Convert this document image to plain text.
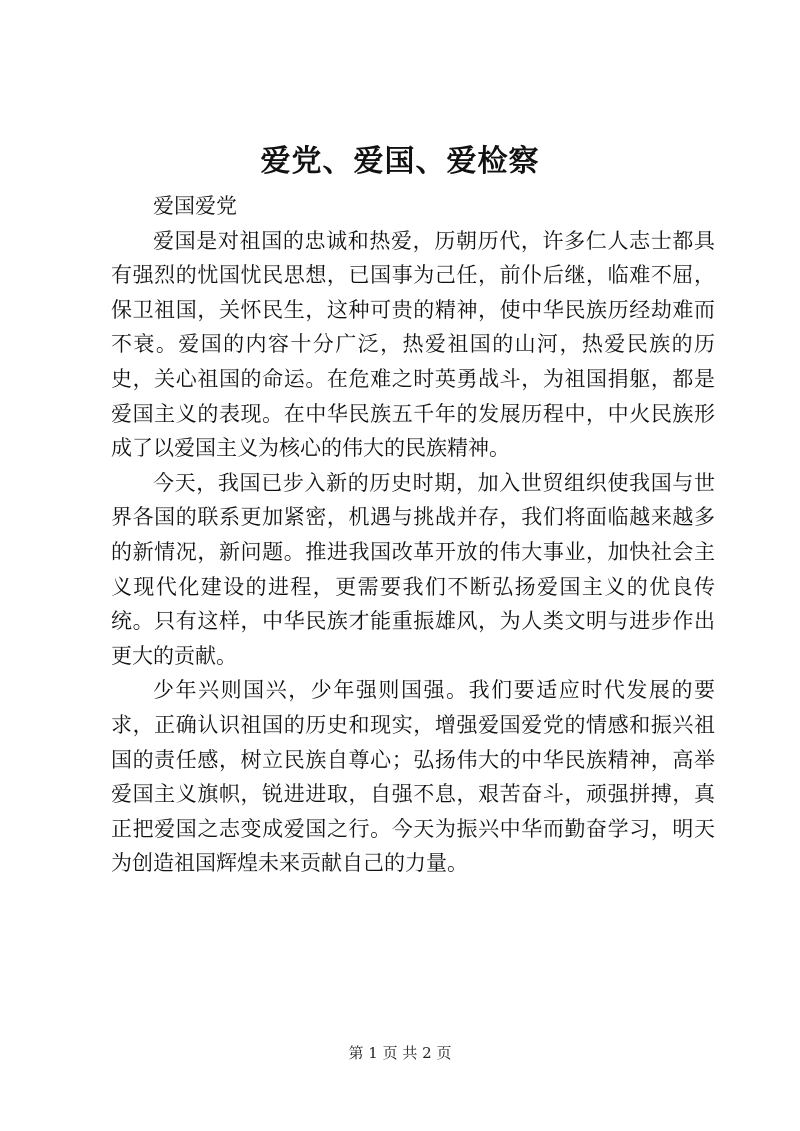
爱党、爱国、爱检察

爱国爱党

爱国是对祖国的忠诚和热爱，历朝历代，许多仁人志士都具有强烈的忧国忧民思想，已国事为己任，前仆后继，临难不屈，保卫祖国，关怀民生，这种可贵的精神，使中华民族历经劫难而不衰。爱国的内容十分广泛，热爱祖国的山河，热爱民族的历史，关心祖国的命运。在危难之时英勇战斗，为祖国捐躯，都是爱国主义的表现。在中华民族五千年的发展历程中，中火民族形成了以爱国主义为核心的伟大的民族精神。

今天，我国已步入新的历史时期，加入世贸组织使我国与世界各国的联系更加紧密，机遇与挑战并存，我们将面临越来越多的新情况，新问题。推进我国改革开放的伟大事业，加快社会主义现代化建设的进程，更需要我们不断弘扬爱国主义的优良传统。只有这样，中华民族才能重振雄风，为人类文明与进步作出更大的贡献。

少年兴则国兴，少年强则国强。我们要适应时代发展的要求，正确认识祖国的历史和现实，增强爱国爱党的情感和振兴祖国的责任感，树立民族自尊心；弘扬伟大的中华民族精神，高举爱国主义旗帜，锐进进取，自强不息，艰苦奋斗，顽强拼搏，真正把爱国之志变成爱国之行。今天为振兴中华而勤奋学习，明天为创造祖国辉煌未来贡献自己的力量。

第 1 页 共 2 页
